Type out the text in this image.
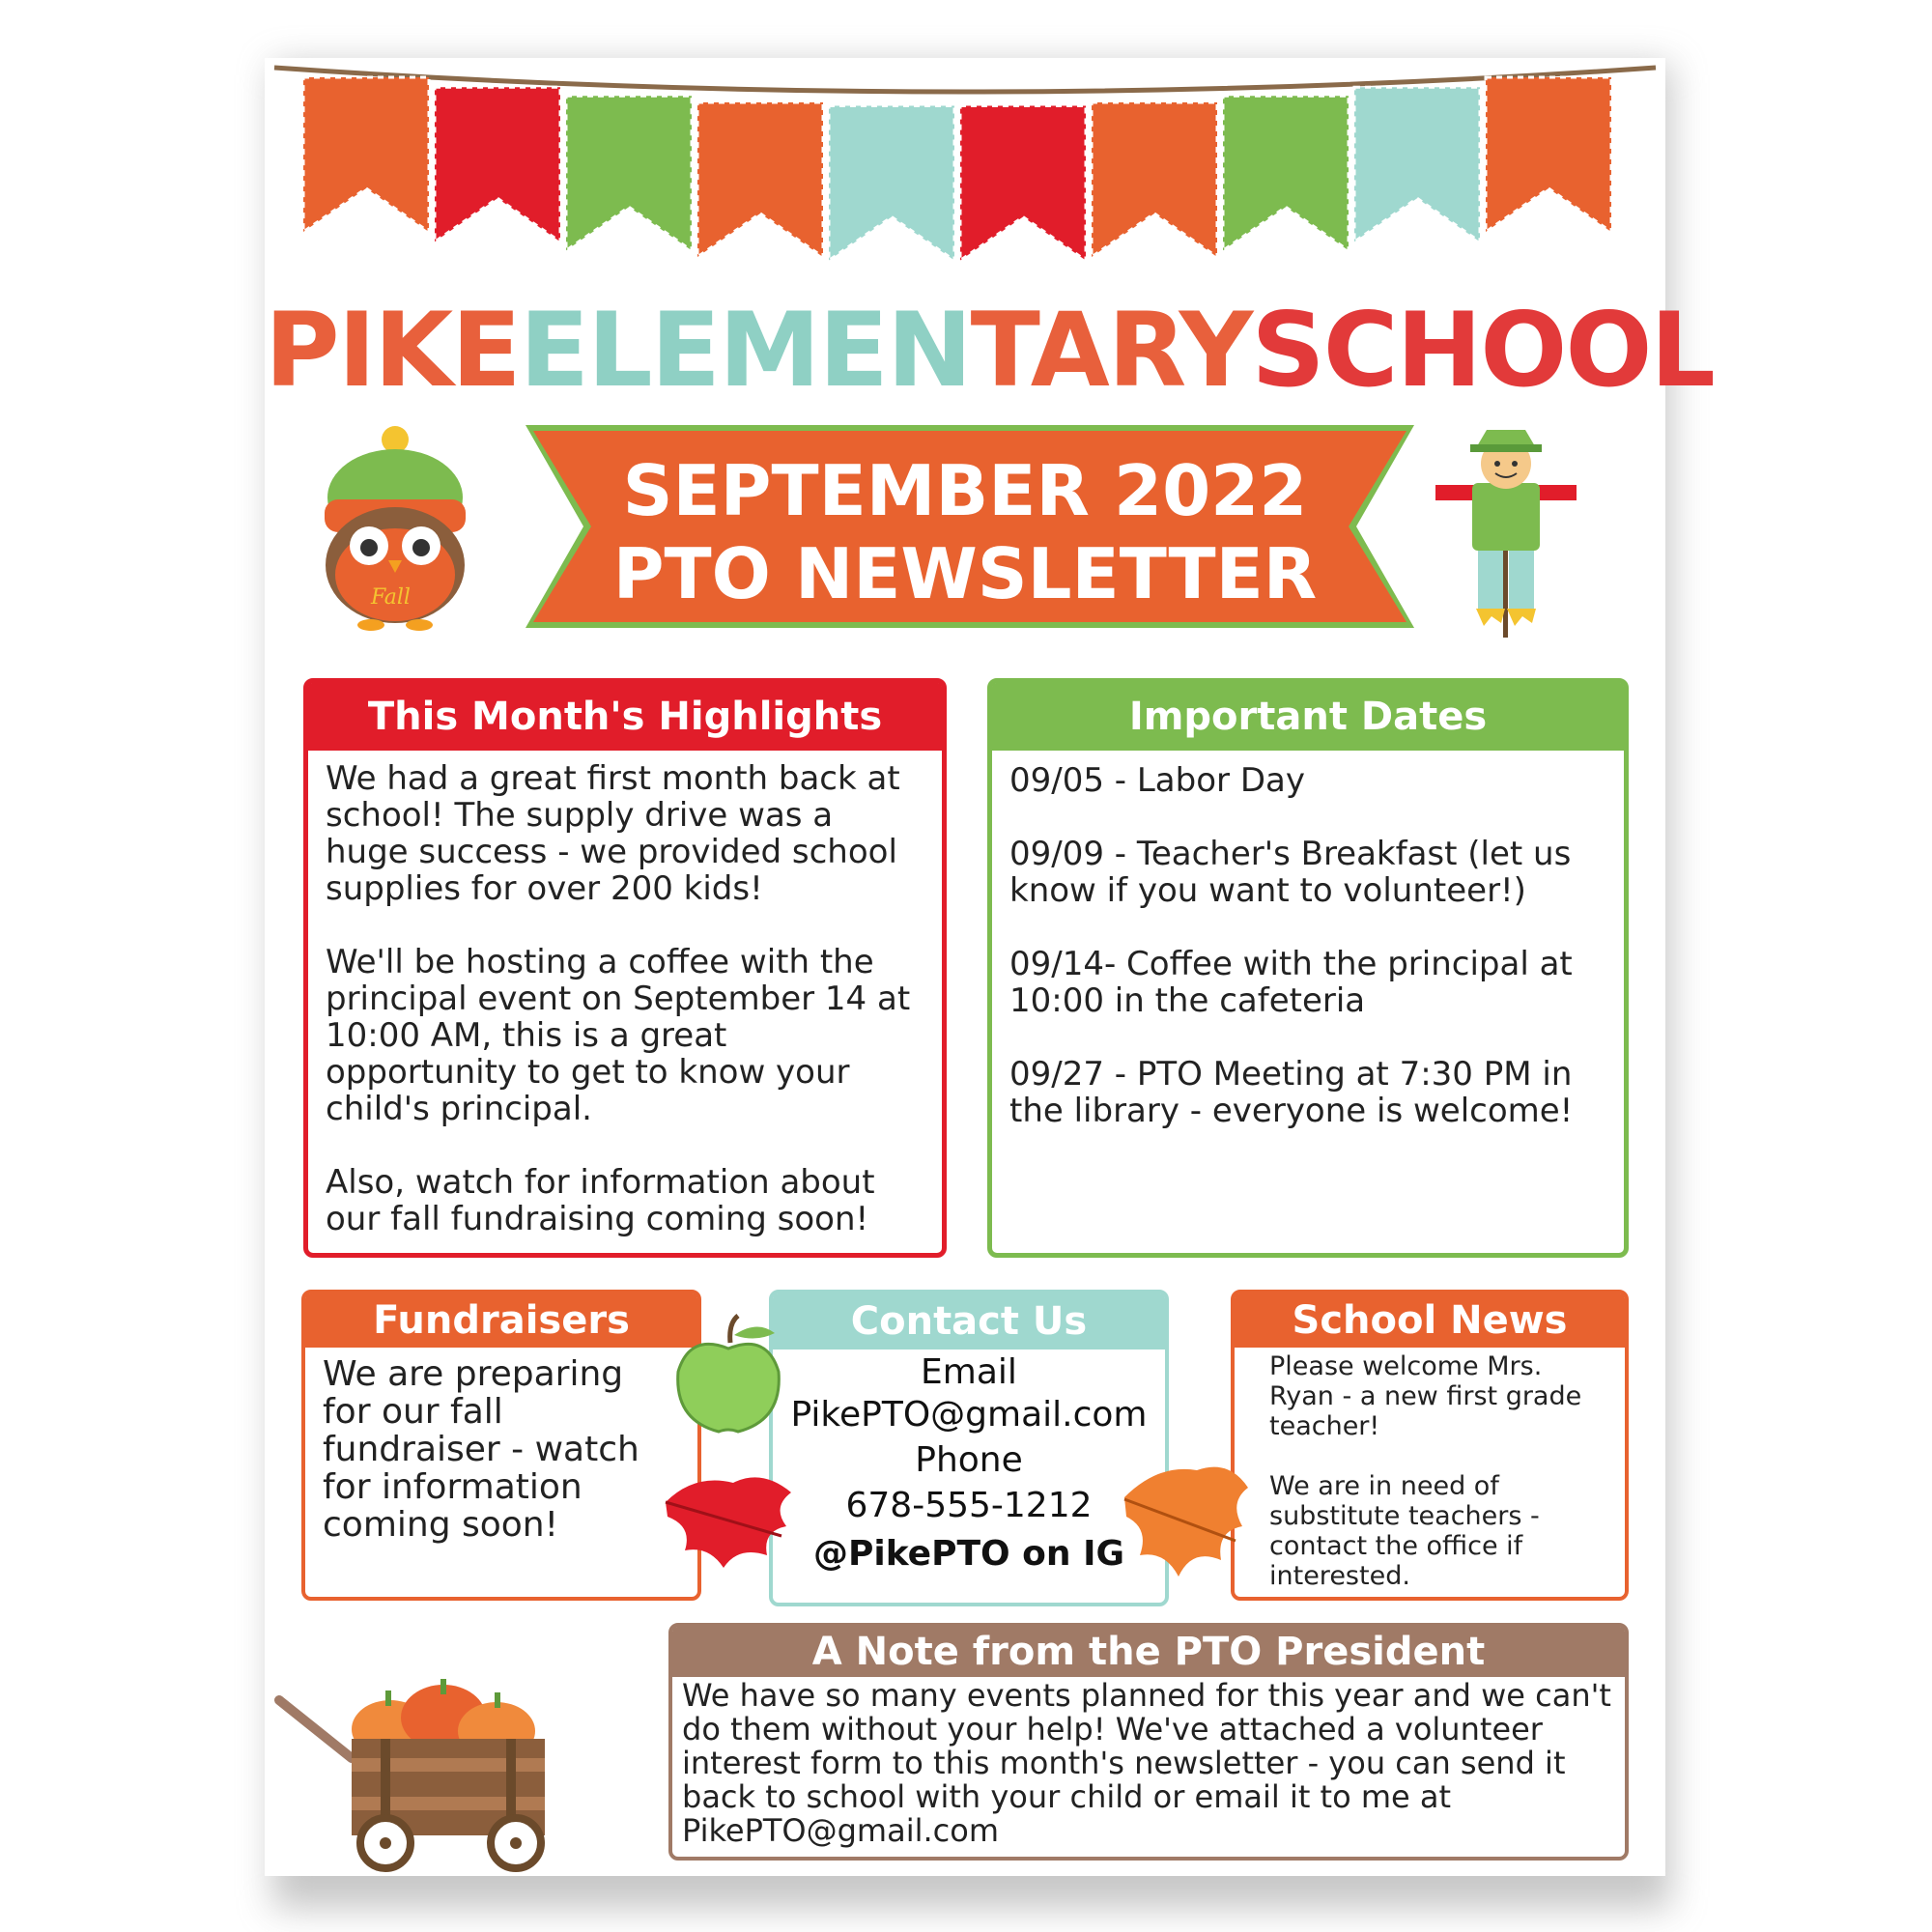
PIKEELEMENTARYSCHOOL
SEPTEMBER 2022
PTO NEWSLETTER
Fall
This Month's Highlights

We had a great first month back at school! The supply drive was a huge success - we provided school supplies for over 200 kids!

We'll be hosting a coffee with the principal event on September 14 at 10:00 AM, this is a great opportunity to get to know your child's principal.

Also, watch for information about our fall fundraising coming soon!

Important Dates

09/05 - Labor Day

09/09 - Teacher's Breakfast (let us know if you want to volunteer!)

09/14- Coffee with the principal at 10:00 in the cafeteria

09/27 - PTO Meeting at 7:30 PM in the library - everyone is welcome!

Fundraisers
We are preparing for our fall fundraiser - watch for information coming soon!
Contact Us
Email
PikePTO@gmail.com
Phone
678-555-1212
@PikePTO on IG
School News

Please welcome Mrs. Ryan - a new first grade teacher!

We are in need of substitute teachers - contact the office if interested.

A Note from the PTO President
We have so many events planned for this year and we can't do them without your help! We've attached a volunteer interest form to this month's newsletter - you can send it back to school with your child or email it to me at PikePTO@gmail.com
